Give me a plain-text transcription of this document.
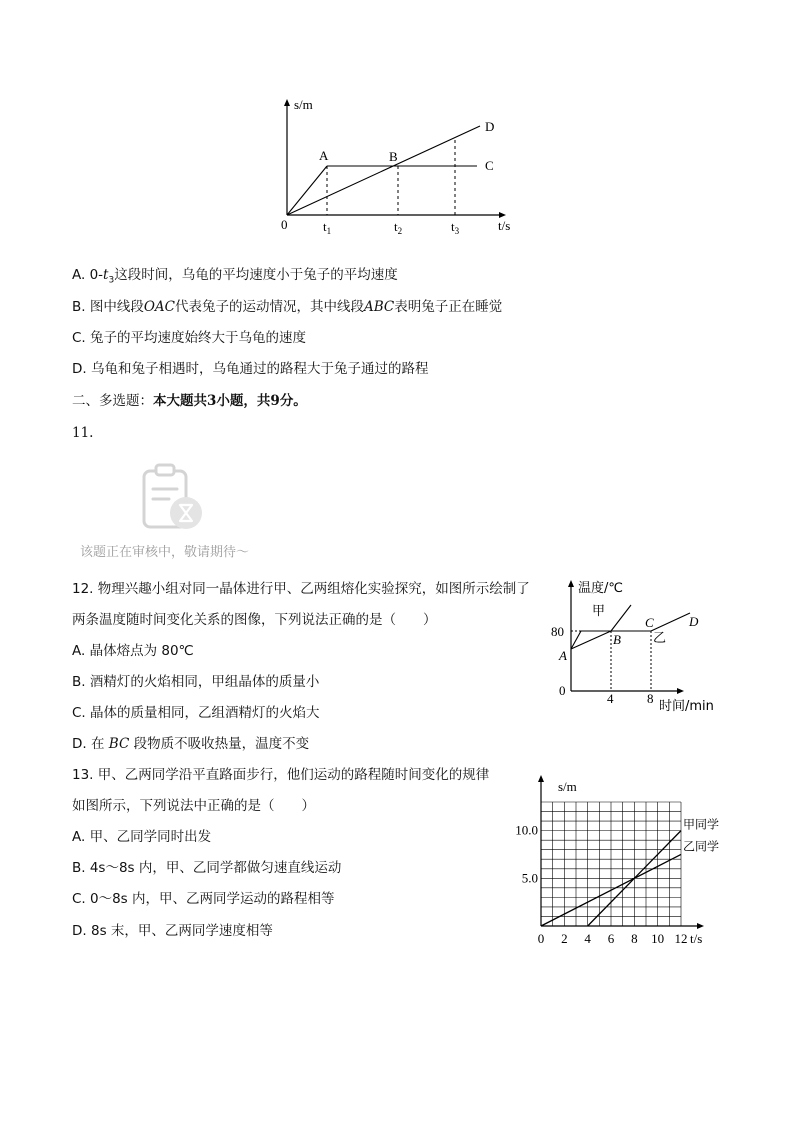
s/m
t/s
0
A	B
C
D
$t_1$	$t_2$	$t_3$
A. $0-t_3$这段时间，乌龟的平均速度小于兔子的平均速度
B. 图中线段OAC代表兔子的运动情况，其中线段ABC表明兔子正在睡觉
C. 兔子的平均速度始终大于乌龟的速度
D. 乌龟和兔子相遇时，乌龟通过的路程大于兔子通过的路程
二、多选题：本大题共3小题，共9分。
11.
该题正在审核中，敬请期待～
12. 物理兴趣小组对同一晶体进行甲、乙两组熔化实验探究，如图所示绘制了
两条温度随时间变化关系的图像，下列说法正确的是（　　）
A. 晶体熔点为 80℃
B. 酒精灯的火焰相同，甲组晶体的质量小
C. 晶体的质量相同，乙组酒精灯的火焰大
D. 在 BC 段物质不吸收热量，温度不变
温度/℃
时间/min
80
0
4	8
甲
乙
A
B
C	D
13. 甲、乙两同学沿平直路面步行，他们运动的路程随时间变化的规律
如图所示，下列说法中正确的是（　　）
A. 甲、乙同学同时出发
B. 4s～8s 内，甲、乙同学都做匀速直线运动
C. 0～8s 内，甲、乙两同学运动的路程相等
D. 8s 末，甲、乙两同学速度相等	0 2 4 6 8 10 12
5.0
10.0
s/m
t/s
甲同学
乙同学
